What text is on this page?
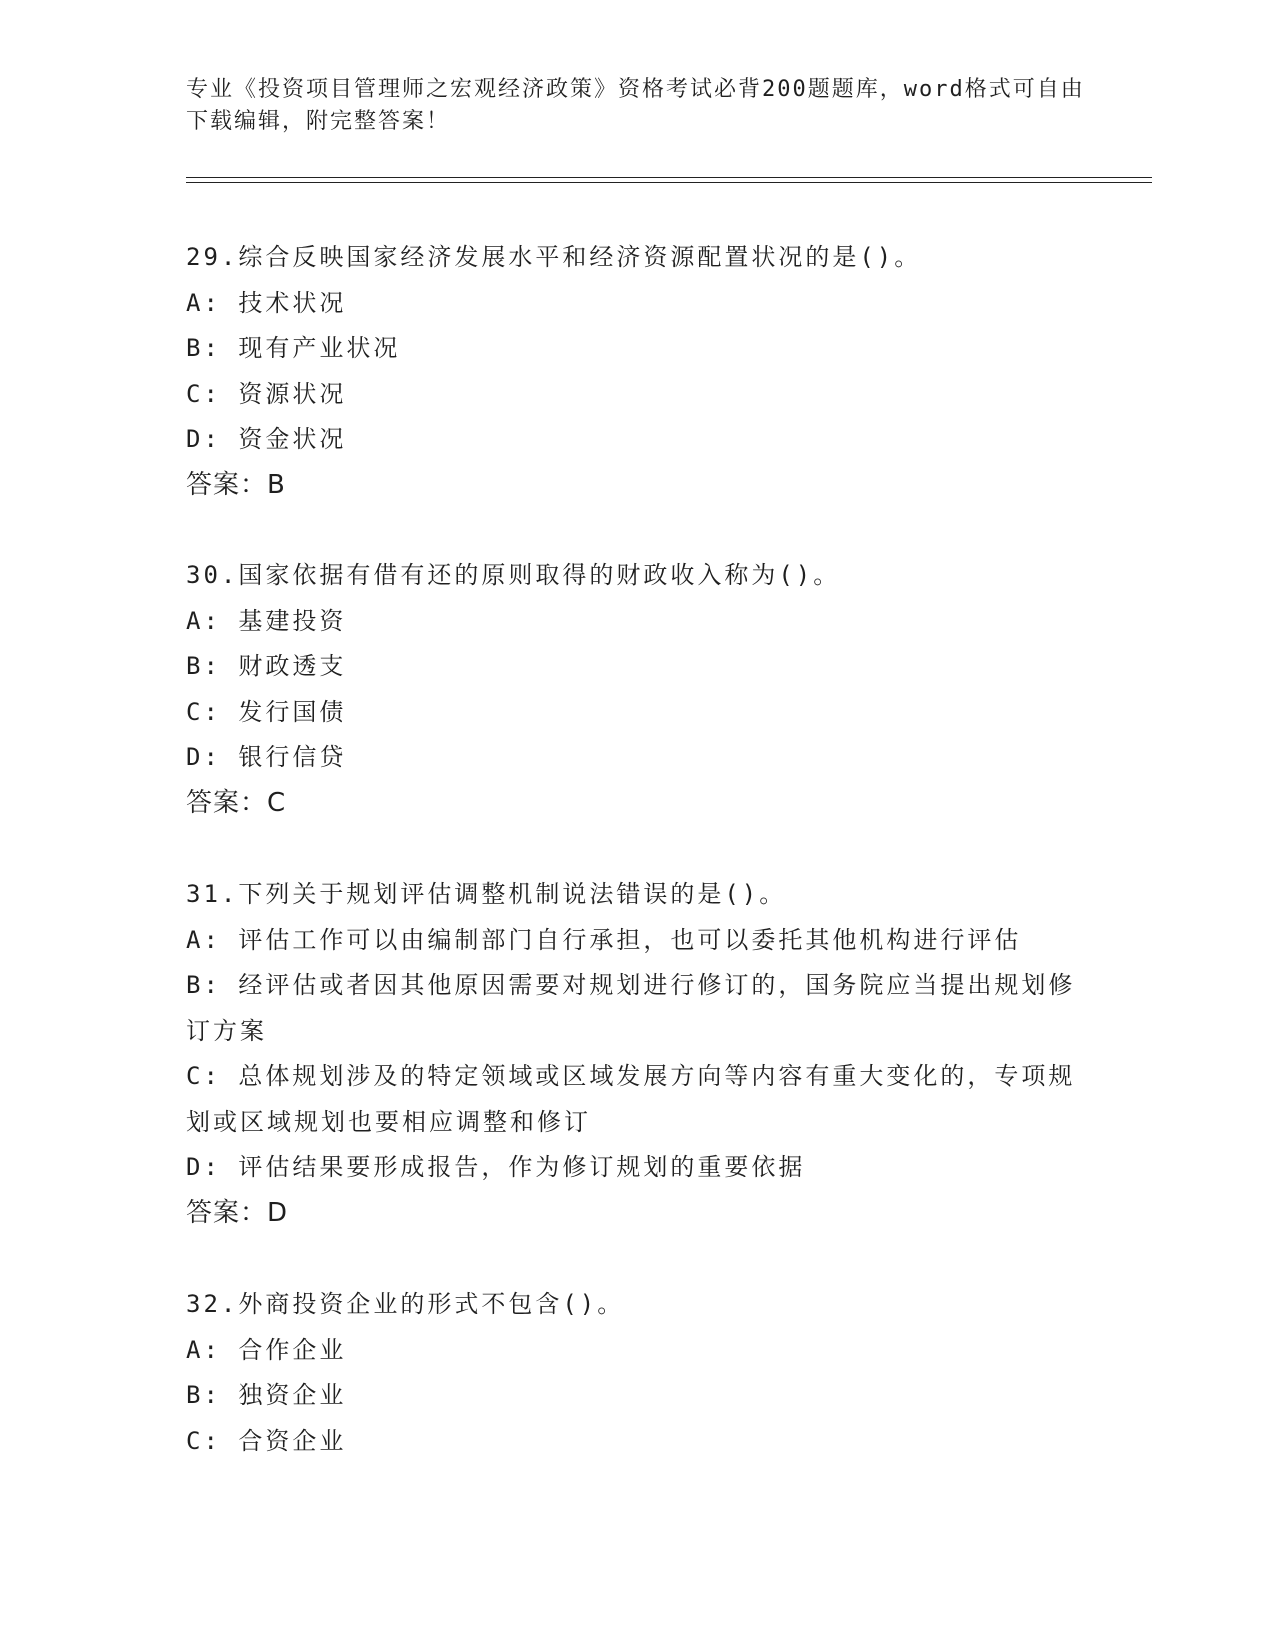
专业《投资项目管理师之宏观经济政策》资格考试必背200题题库，word格式可自由下载编辑，附完整答案！
29.综合反映国家经济发展水平和经济资源配置状况的是()。
A: 技术状况
B: 现有产业状况
C: 资源状况
D: 资金状况
答案：B
30.国家依据有借有还的原则取得的财政收入称为()。
A: 基建投资
B: 财政透支
C: 发行国债
D: 银行信贷
答案：C
31.下列关于规划评估调整机制说法错误的是()。
A: 评估工作可以由编制部门自行承担，也可以委托其他机构进行评估
B: 经评估或者因其他原因需要对规划进行修订的，国务院应当提出规划修订方案
C: 总体规划涉及的特定领域或区域发展方向等内容有重大变化的，专项规划或区域规划也要相应调整和修订
D: 评估结果要形成报告，作为修订规划的重要依据
答案：D
32.外商投资企业的形式不包含()。
A: 合作企业
B: 独资企业
C: 合资企业
